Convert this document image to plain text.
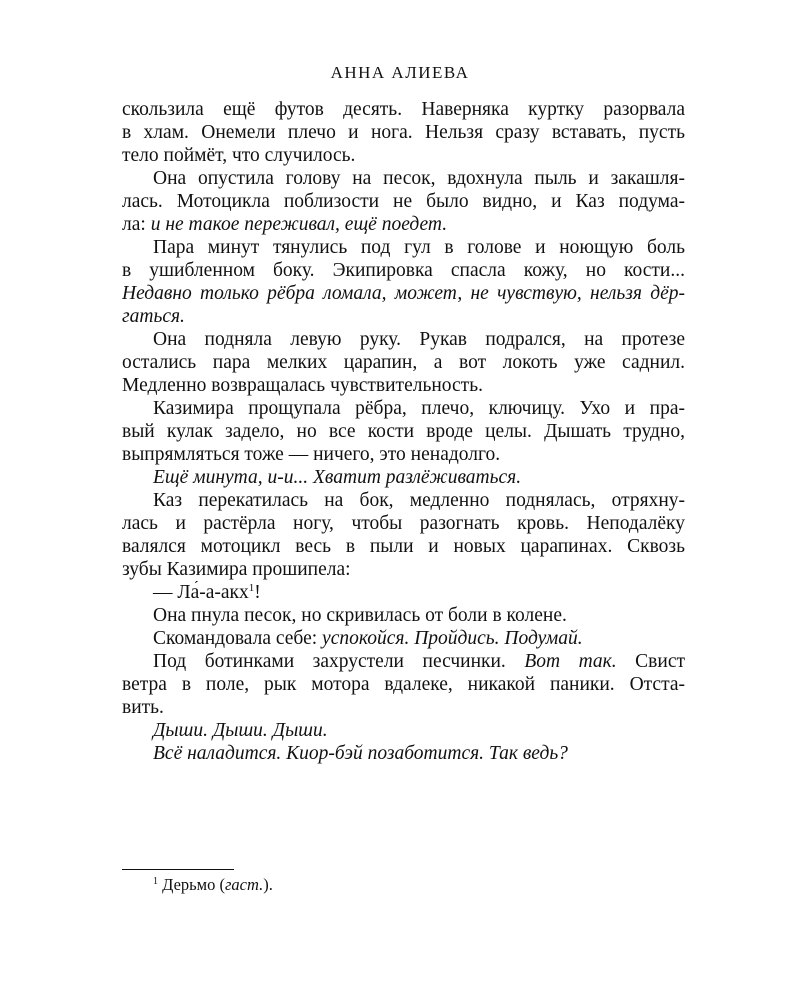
АННА АЛИЕВА
скользила ещё футов десять. Наверняка куртку разорвала
в хлам. Онемели плечо и нога. Нельзя сразу вставать, пусть
тело поймёт, что случилось.
Она опустила голову на песок, вдохнула пыль и закашля-
лась. Мотоцикла поблизости не было видно, и Каз подума-
ла: и не такое переживал, ещё поедет.
Пара минут тянулись под гул в голове и ноющую боль
в ушибленном боку. Экипировка спасла кожу, но кости...
Недавно только рёбра ломала, может, не чувствую, нельзя дёр-
гаться.
Она подняла левую руку. Рукав подрался, на протезе
остались пара мелких царапин, а вот локоть уже саднил.
Медленно возвращалась чувствительность.
Казимира прощупала рёбра, плечо, ключицу. Ухо и пра-
вый кулак задело, но все кости вроде целы. Дышать трудно,
выпрямляться тоже — ничего, это ненадолго.
Ещё минута, и-и... Хватит разлёживаться.
Каз перекатилась на бок, медленно поднялась, отряхну-
лась и растёрла ногу, чтобы разогнать кровь. Неподалёку
валялся мотоцикл весь в пыли и новых царапинах. Сквозь
зубы Казимира прошипела:
— Ла́-а-акх$^1$!
Она пнула песок, но скривилась от боли в колене.
Скомандовала себе: успокойся. Пройдись. Подумай.
Под ботинками захрустели песчинки. Вот так. Свист
ветра в поле, рык мотора вдалеке, никакой паники. Отста-
вить.
Дыши. Дыши. Дыши.
Всё наладится. Киор-бэй позаботится. Так ведь?
$^1$ Дерьмо (гаст.).
